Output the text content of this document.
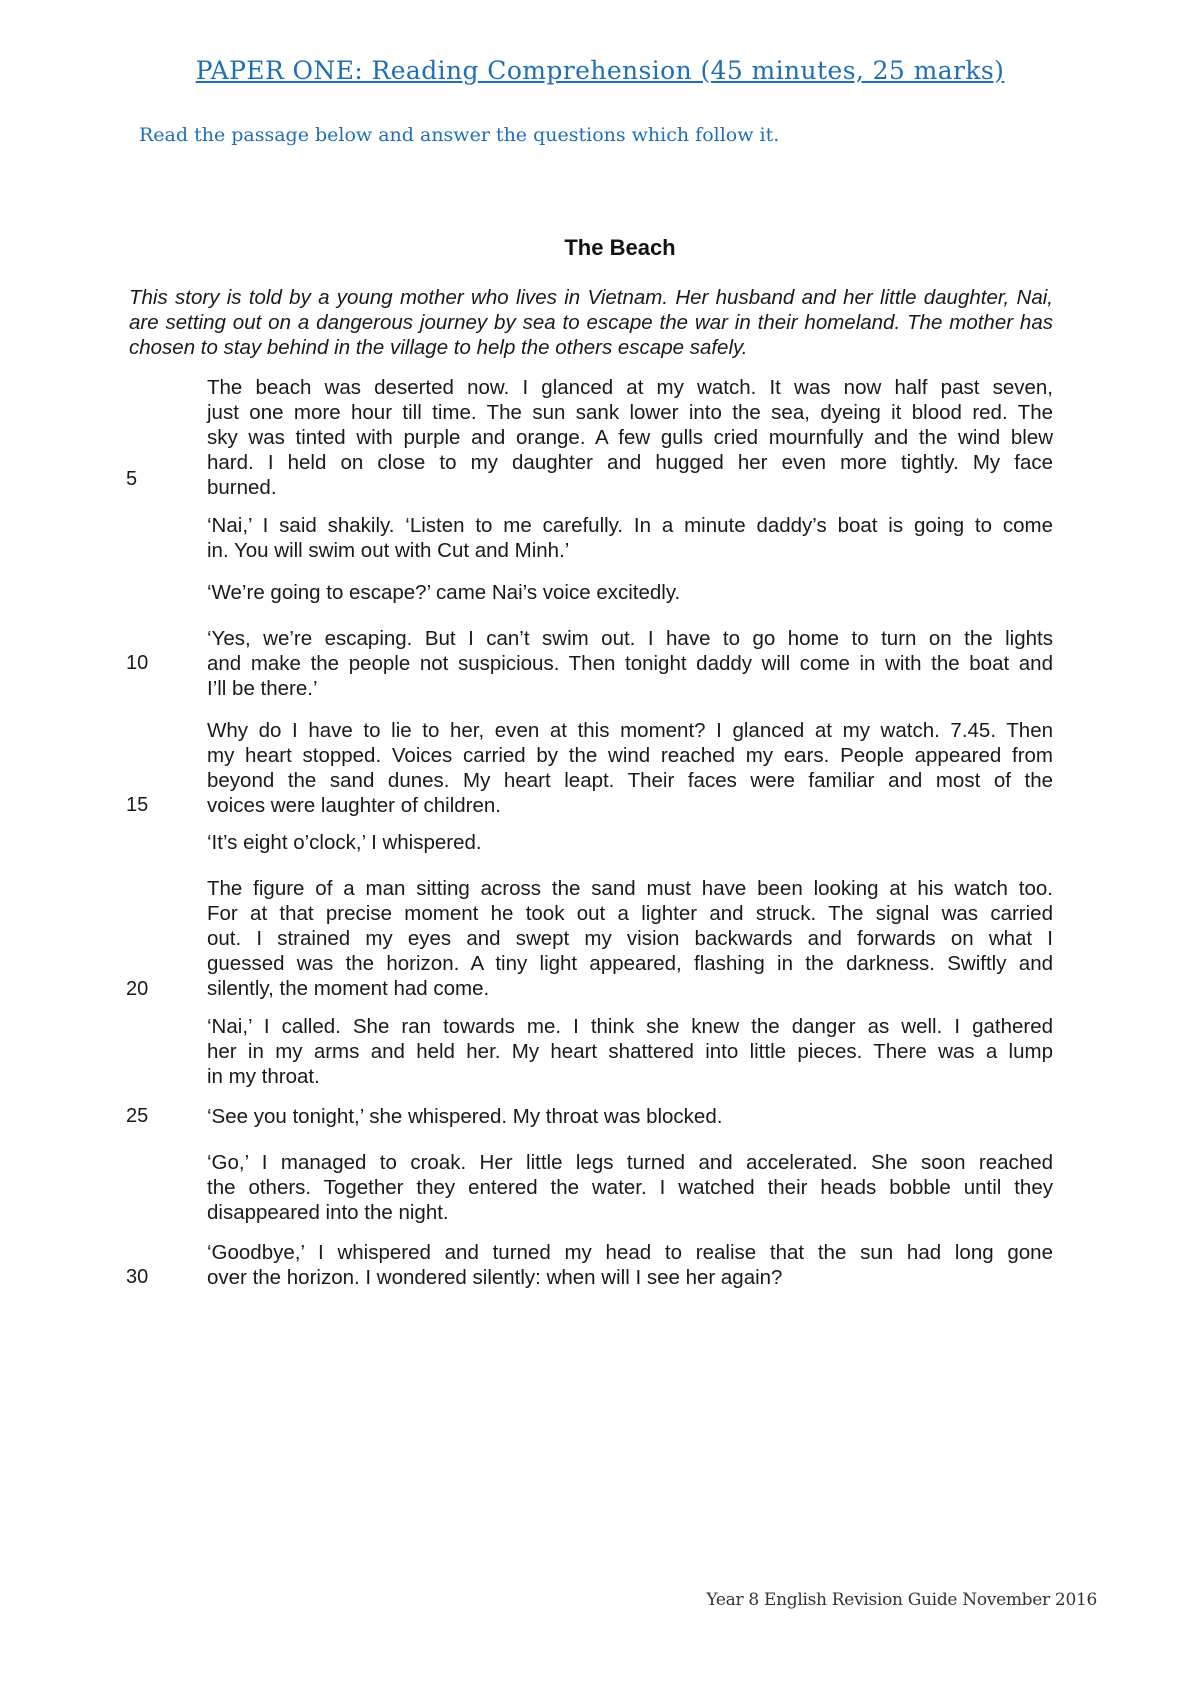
PAPER ONE: Reading Comprehension (45 minutes, 25 marks)
Read the passage below and answer the questions which follow it.
The Beach
This story is told by a young mother who lives in Vietnam. Her husband and her little daughter, Nai, are setting out on a dangerous journey by sea to escape the war in their homeland. The mother has chosen to stay behind in the village to help the others escape safely.
The beach was deserted now. I glanced at my watch. It was now half past seven,
just one more hour till time. The sun sank lower into the sea, dyeing it blood red. The
sky was tinted with purple and orange. A few gulls cried mournfully and the wind blew
hard. I held on close to my daughter and hugged her even more tightly. My face
burned.
‘Nai,’ I said shakily. ‘Listen to me carefully. In a minute daddy’s boat is going to come
in. You will swim out with Cut and Minh.’
‘We’re going to escape?’ came Nai’s voice excitedly.
‘Yes, we’re escaping. But I can’t swim out. I have to go home to turn on the lights
and make the people not suspicious. Then tonight daddy will come in with the boat and
I’ll be there.’
Why do I have to lie to her, even at this moment? I glanced at my watch. 7.45. Then
my heart stopped. Voices carried by the wind reached my ears. People appeared from
beyond the sand dunes. My heart leapt. Their faces were familiar and most of the
voices were laughter of children.
‘It’s eight o’clock,’ I whispered.
The figure of a man sitting across the sand must have been looking at his watch too.
For at that precise moment he took out a lighter and struck. The signal was carried
out. I strained my eyes and swept my vision backwards and forwards on what I
guessed was the horizon. A tiny light appeared, flashing in the darkness. Swiftly and
silently, the moment had come.
‘Nai,’ I called. She ran towards me. I think she knew the danger as well. I gathered
her in my arms and held her. My heart shattered into little pieces. There was a lump
in my throat.
‘See you tonight,’ she whispered. My throat was blocked.
‘Go,’ I managed to croak. Her little legs turned and accelerated. She soon reached
the others. Together they entered the water. I watched their heads bobble until they
disappeared into the night.
‘Goodbye,’ I whispered and turned my head to realise that the sun had long gone
over the horizon. I wondered silently: when will I see her again?
5
10
15
20
25
30
Year 8 English Revision Guide November 2016
